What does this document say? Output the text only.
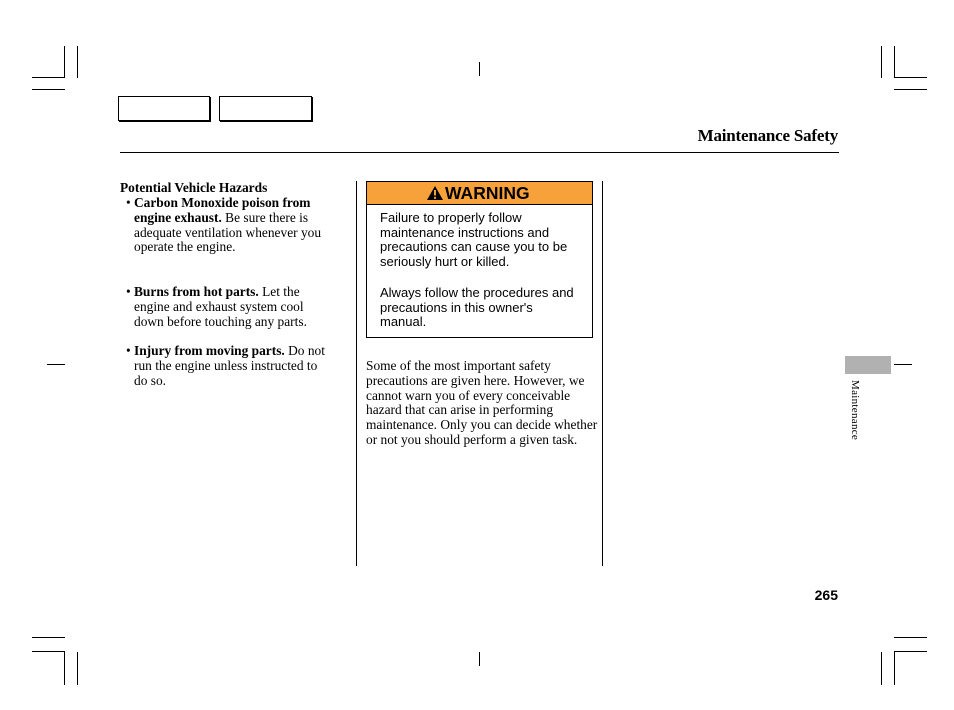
Maintenance Safety
Potential Vehicle Hazards
• Carbon Monoxide poison from engine exhaust. Be sure there is adequate ventilation whenever you operate the engine.
• Burns from hot parts. Let the engine and exhaust system cool down before touching any parts.
• Injury from moving parts. Do not run the engine unless instructed to do so.
WARNING
Failure to properly follow maintenance instructions and precautions can cause you to be seriously hurt or killed.
Always follow the procedures and precautions in this owner's manual.
Some of the most important safety precautions are given here. However, we cannot warn you of every conceivable hazard that can arise in performing maintenance. Only you can decide whether or not you should perform a given task.	Maintenance
265
